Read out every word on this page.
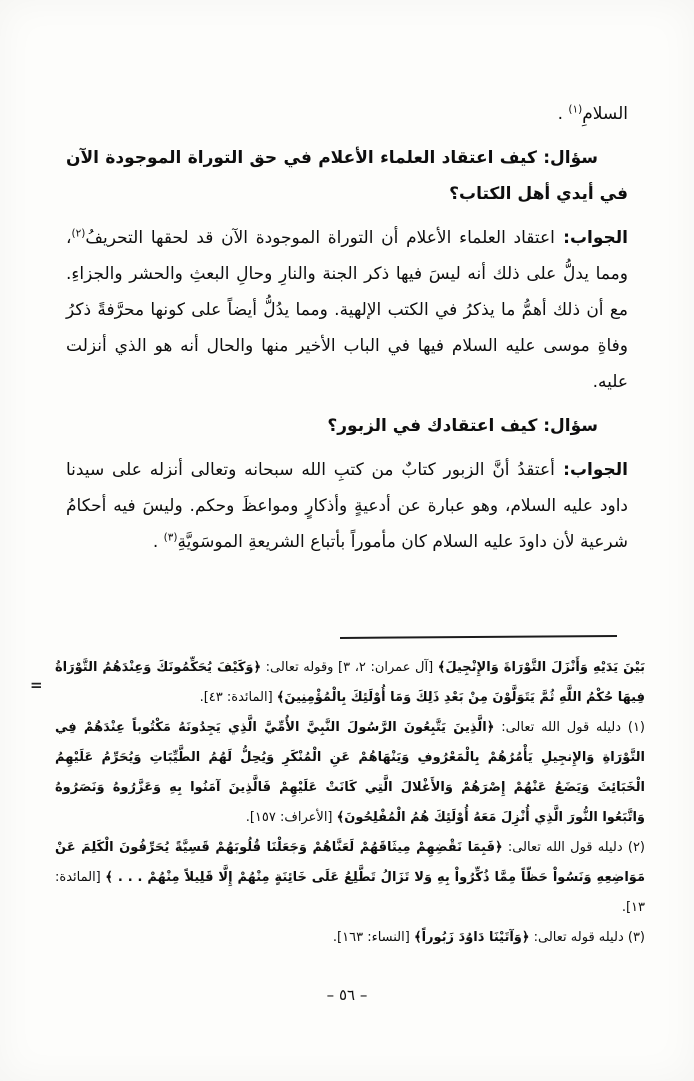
السلامِ$^{(١)}$ .

سؤال: كيف اعتقاد العلماء الأعلام في حق التوراة الموجودة الآن في أيدي أهل الكتاب؟

الجواب: اعتقاد العلماء الأعلام أن التوراة الموجودة الآن قد لحقها التحريفُ$^{(٢)}$، ومما يدلُّ على ذلك أنه ليسَ فيها ذكر الجنة والنارِ وحالِ البعثِ والحشر والجزاءِ. مع أن ذلك أهمُّ ما يذكرُ في الكتب الإلهية. ومما يدُلُّ أيضاً على كونها محرَّفةً ذكرُ وفاةِ موسى عليه السلام فيها في الباب الأخير منها والحال أنه هو الذي أنزلت عليه.

سؤال: كيف اعتقادك في الزبور؟

الجواب: أعتقدُ أنَّ الزبور كتابٌ من كتبِ الله سبحانه وتعالى أنزله على سيدنا داود عليه السلام، وهو عبارة عن أدعيةٍ وأذكارٍ ومواعظَ وحكم. وليسَ فيه أحكامُ شرعية لأن داودَ عليه السلام كان مأموراً بأتباع الشريعةِ الموسَويَّةِ$^{(٣)}$ .

=

بَيْنَ يَدَيْهِ وَأَنْزَلَ التَّوْرَاةَ وَالإِنْجِيلَ﴾ [آل عمران: ٢، ٣] وقوله تعالى: ﴿وَكَيْفَ يُحَكِّمُونَكَ وَعِنْدَهُمُ التَّوْرَاةُ فِيهَا حُكْمُ اللَّهِ ثُمَّ يَتَوَلَّوْنَ مِنْ بَعْدِ ذَلِكَ وَمَا أُوْلَئِكَ بِالْمُؤْمِنِينَ﴾ [المائدة: ٤٣].

(١) دليله قول الله تعالى: ﴿الَّذِينَ يَتَّبِعُونَ الرَّسُولَ النَّبِيَّ الأُمِّيَّ الَّذِي يَجِدُونَهُ مَكْتُوباً عِنْدَهُمْ فِي التَّوْرَاةِ وَالإِنجِيلِ يَأْمُرُهُمْ بِالْمَعْرُوفِ وَيَنْهَاهُمْ عَنِ الْمُنْكَرِ وَيُحِلُّ لَهُمُ الطَّيِّبَاتِ وَيُحَرِّمُ عَلَيْهِمُ الْخَبَائِثَ وَيَضَعُ عَنْهُمْ إِصْرَهُمْ وَالأَغْلالَ الَّتِي كَانَتْ عَلَيْهِمْ فَالَّذِينَ آمَنُوا بِهِ وَعَزَّرُوهُ وَنَصَرُوهُ وَاتَّبَعُوا النُّورَ الَّذِي أُنْزِلَ مَعَهُ أُوْلَئِكَ هُمُ الْمُفْلِحُونَ﴾ [الأعراف: ١٥٧].

(٢) دليله قول الله تعالى: ﴿فَبِمَا نَقْضِهِمْ مِيثَاقَهُمْ لَعَنَّاهُمْ وَجَعَلْنَا قُلُوبَهُمْ قَسِيَّةً يُحَرِّفُونَ الْكَلِمَ عَنْ مَوَاضِعِهِ وَنَسُواْ حَظّاً مِمَّا ذُكِّرُواْ بِهِ وَلا تَزَالُ تَطَّلِعُ عَلَى خَائِنَةٍ مِنْهُمْ إِلَّا قَلِيلاً مِنْهُمْ . . . ﴾ [المائدة: ١٣].

(٣) دليله قوله تعالى: ﴿وَآتَيْنَا دَاوُدَ زَبُوراً﴾ [النساء: ١٦٣].

– ٥٦ –
